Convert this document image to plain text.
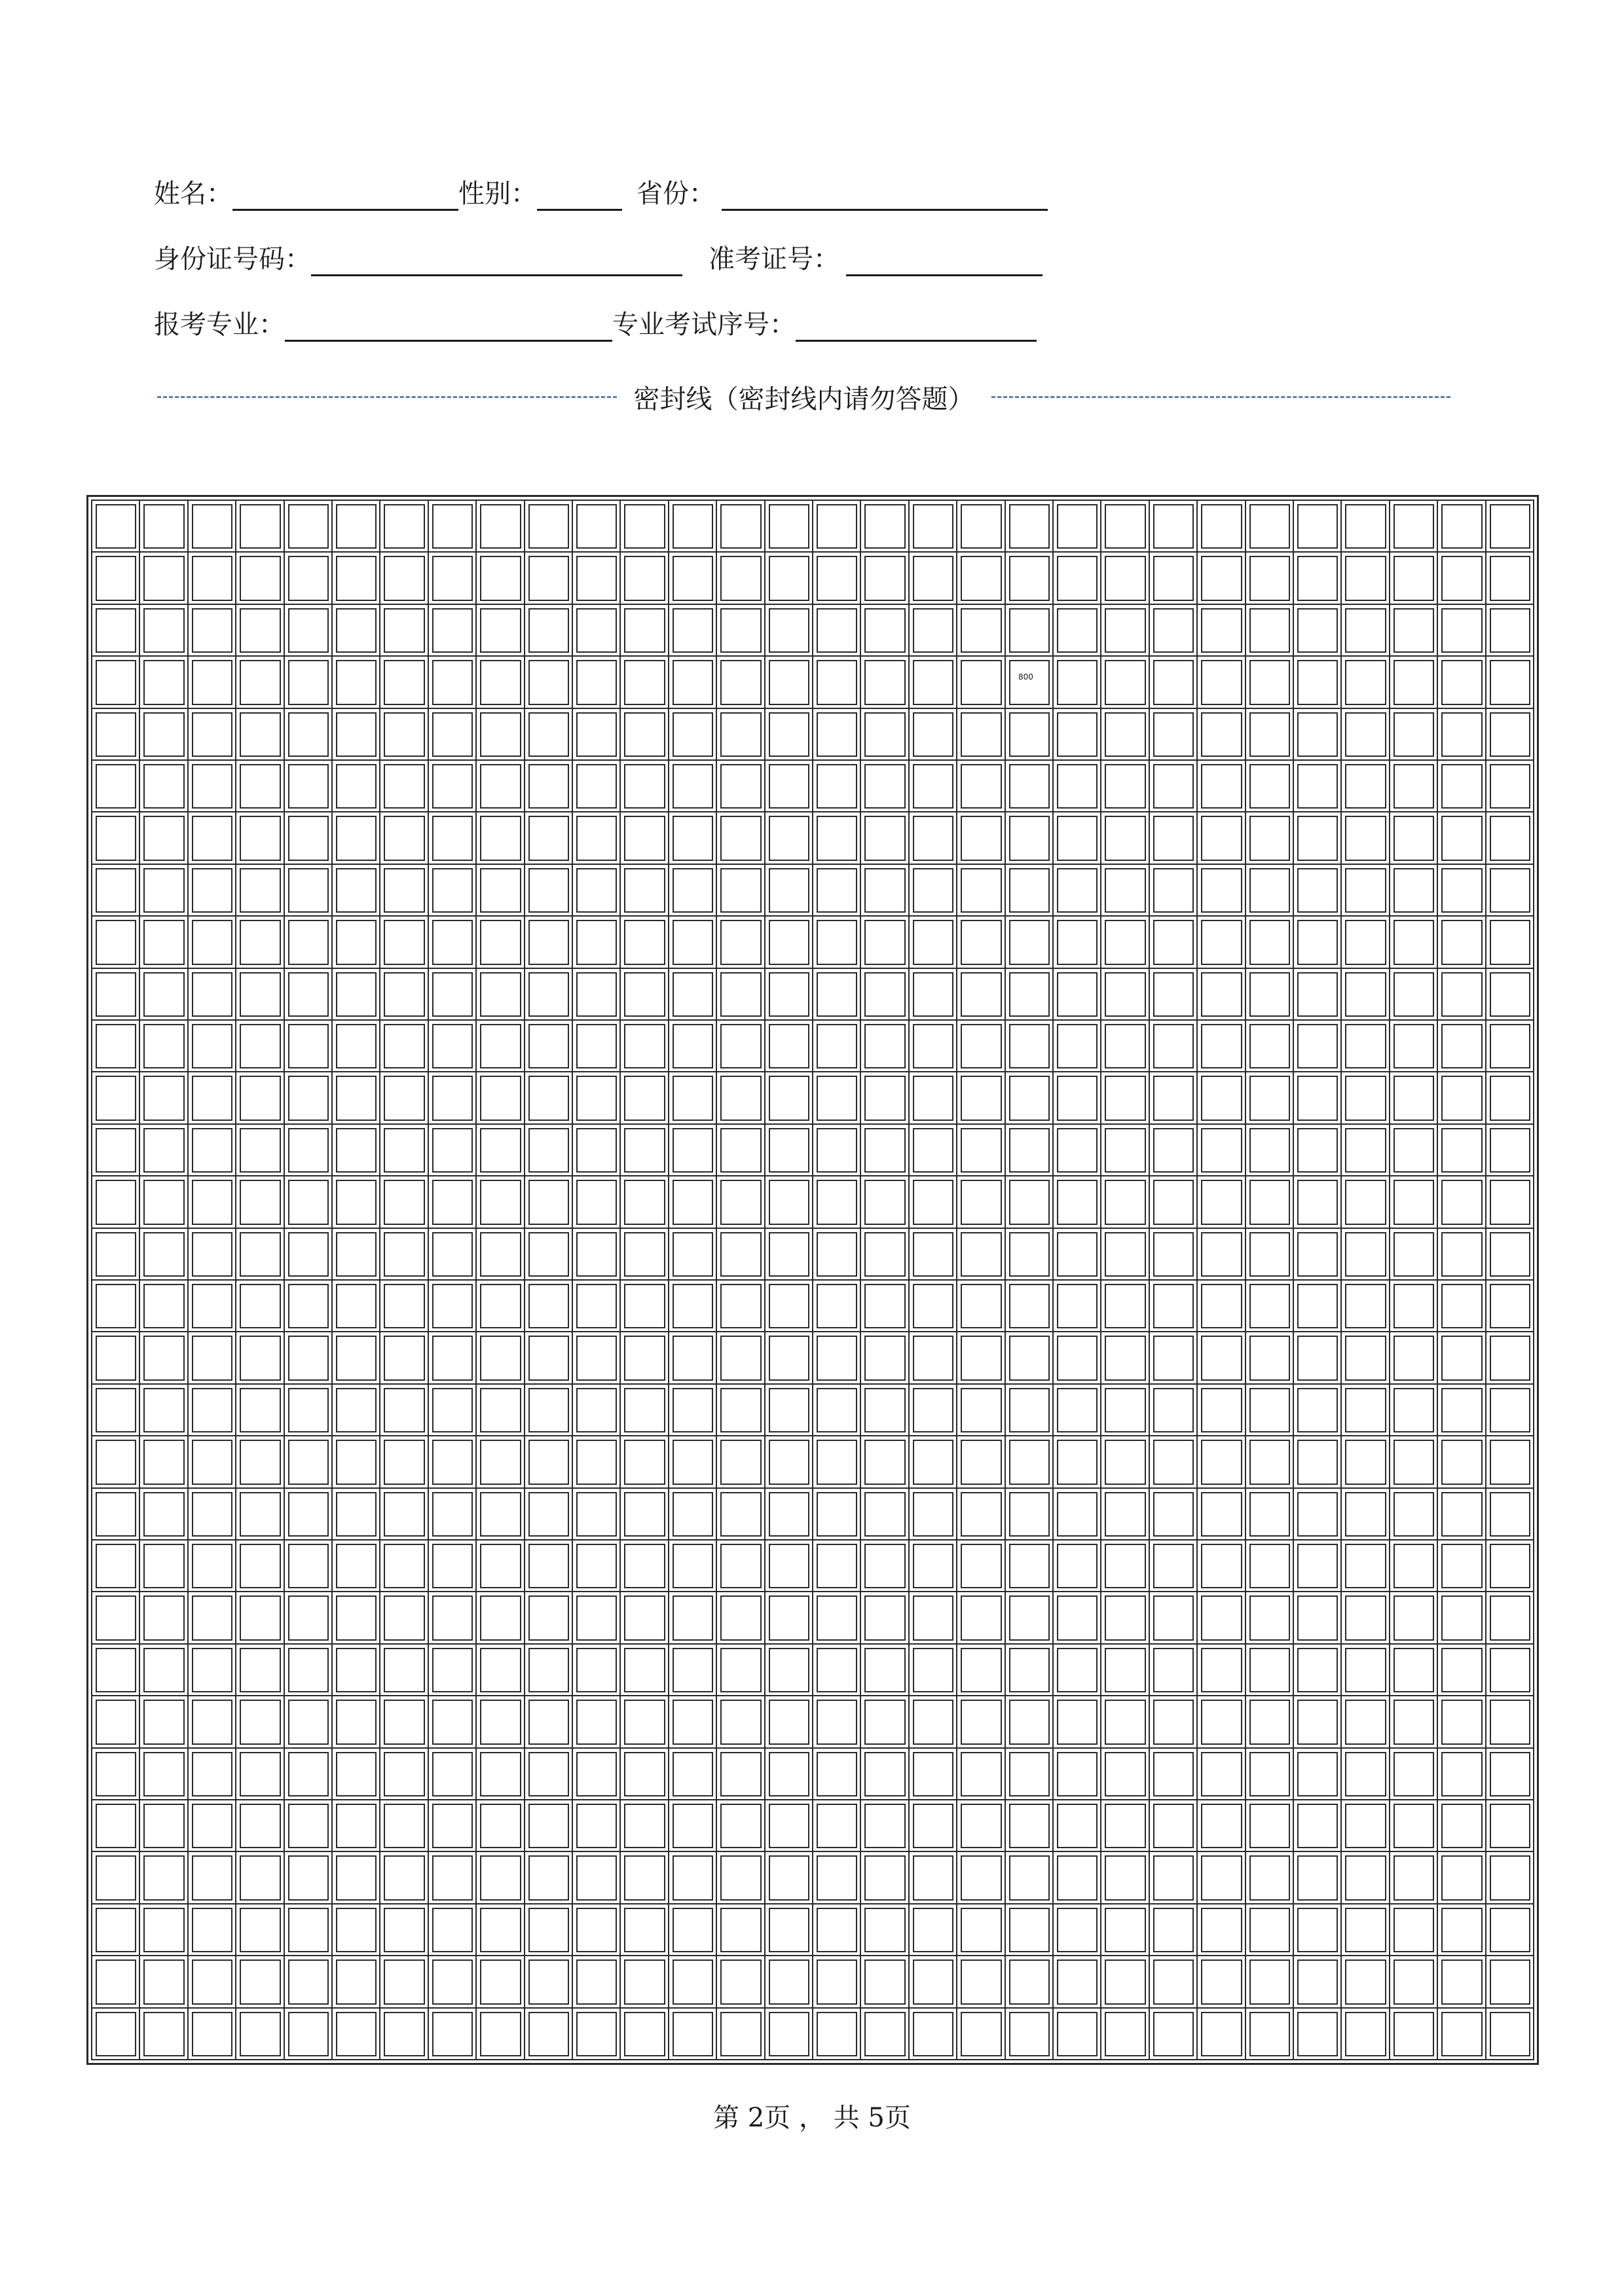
姓名：	性别：	省份：
身份证号码：	准考证号：
报考专业：	专业考试序号：
密封线（密封线内请勿答题）
800
第 2页 ， 共 5页
